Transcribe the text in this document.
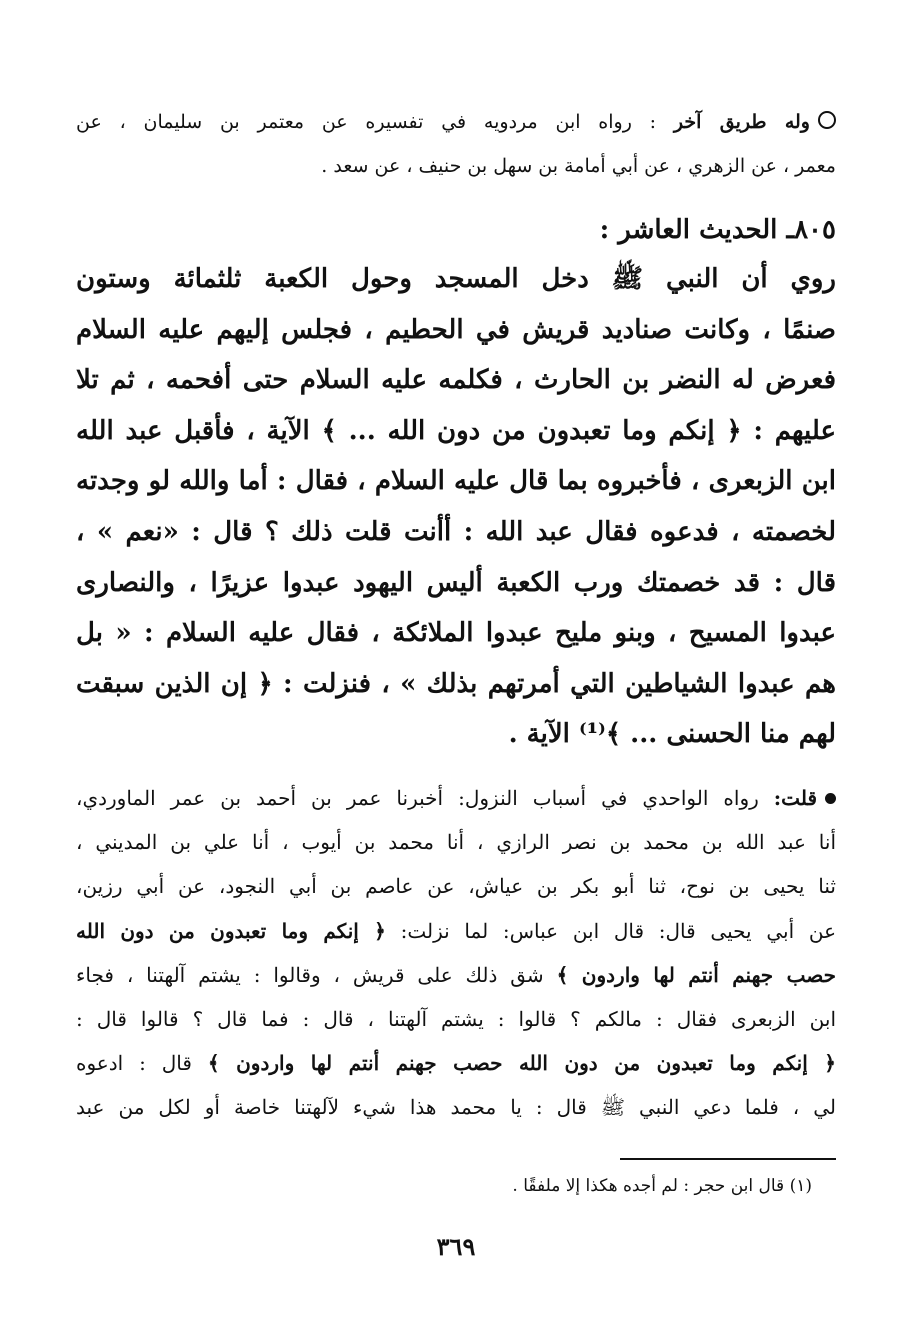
وله طريق آخر : رواه ابن مردويه في تفسيره عن معتمر بن سليمان ، عن
معمر ، عن الزهري ، عن أبي أمامة بن سهل بن حنيف ، عن سعد .
٨٠٥ـ الحديث العاشر :
روي أن النبي ﷺ دخل المسجد وحول الكعبة ثلثمائة وستون
صنمًا ، وكانت صناديد قريش في الحطيم ، فجلس إليهم عليه السلام
فعرض له النضر بن الحارث ، فكلمه عليه السلام حتى أفحمه ، ثم تلا
عليهم : ﴿ إنكم وما تعبدون من دون الله ... ﴾ الآية ، فأقبل عبد الله
ابن الزبعرى ، فأخبروه بما قال عليه السلام ، فقال : أما والله لو وجدته
لخصمته ، فدعوه فقال عبد الله : أأنت قلت ذلك ؟ قال : «نعم » ،
قال : قد خصمتك ورب الكعبة أليس اليهود عبدوا عزيرًا ، والنصارى
عبدوا المسيح ، وبنو مليح عبدوا الملائكة ، فقال عليه السلام : « بل
هم عبدوا الشياطين التي أمرتهم بذلك » ، فنزلت : ﴿ إن الذين سبقت
لهم منا الحسنى ... ﴾⁽¹⁾ الآية .
قلت: رواه الواحدي في أسباب النزول: أخبرنا عمر بن أحمد بن عمر الماوردي،
أنا عبد الله بن محمد بن نصر الرازي ، أنا محمد بن أيوب ، أنا علي بن المديني ،
ثنا يحيى بن نوح، ثنا أبو بكر بن عياش، عن عاصم بن أبي النجود، عن أبي رزين،
عن أبي يحيى قال: قال ابن عباس: لما نزلت: ﴿ إنكم وما تعبدون من دون الله
حصب جهنم أنتم لها واردون ﴾ شق ذلك على قريش ، وقالوا : يشتم آلهتنا ، فجاء
ابن الزبعرى فقال : مالكم ؟ قالوا : يشتم آلهتنا ، قال : فما قال ؟ قالوا قال :
﴿ إنكم وما تعبدون من دون الله حصب جهنم أنتم لها واردون ﴾ قال : ادعوه
لي ، فلما دعي النبي ﷺ قال : يا محمد هذا شيء لآلهتنا خاصة أو لكل من عبد
(١) قال ابن حجر : لم أجده هكذا إلا ملفقًا .
٣٦٩
